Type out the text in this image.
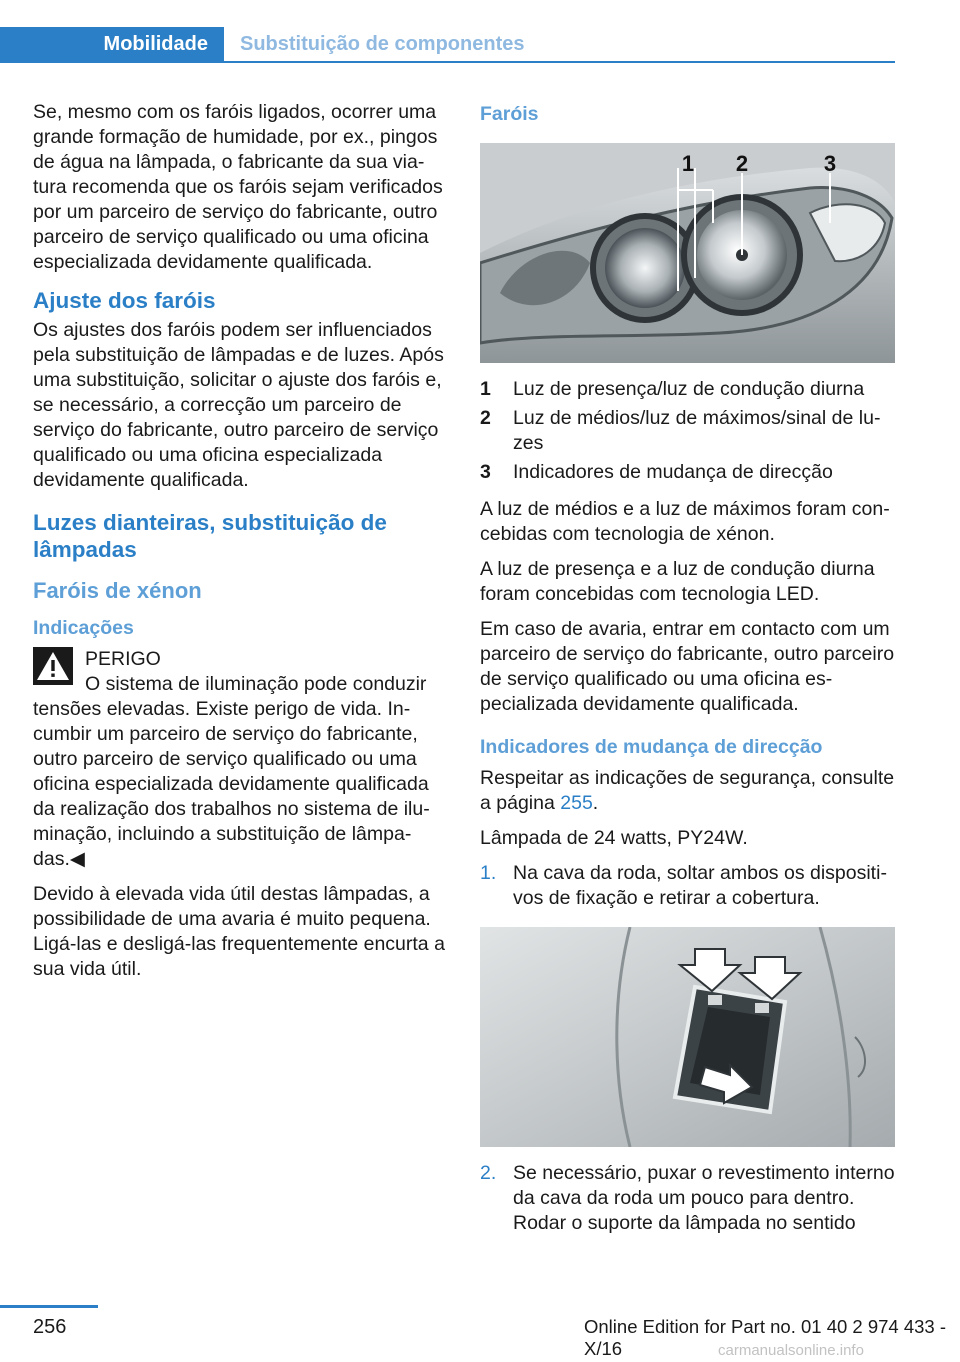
Mobilidade	Substituição de componentes

Se, mesmo com os faróis ligados, ocorrer uma grande formação de humidade, por ex., pingos de água na lâmpada, o fabricante da sua viatura recomenda que os faróis sejam verificados por um parceiro de serviço do fabricante, outro parceiro de serviço qualificado ou uma oficina especializada devidamente qualificada.

Ajuste dos faróis

Os ajustes dos faróis podem ser influenciados pela substituição de lâmpadas e de luzes. Após uma substituição, solicitar o ajuste dos faróis e, se necessário, a correcção um parceiro de serviço do fabricante, outro parceiro de serviço qualificado ou uma oficina especializada devidamente qualificada.

Luzes dianteiras, substituição de lâmpadas
Faróis de xénon
Indicações

PERIGO

O sistema de iluminação pode conduzir tensões elevadas. Existe perigo de vida. Incumbir um parceiro de serviço do fabricante, outro parceiro de serviço qualificado ou uma oficina especializada devidamente qualificada da realização dos trabalhos no sistema de iluminação, incluindo a substituição de lâmpadas.◀

Devido à elevada vida útil destas lâmpadas, a possibilidade de uma avaria é muito pequena. Ligá-las e desligá-las frequentemente encurta a sua vida útil.

Faróis
1 2	3
1 Luz de presença/luz de condução diurna
2 Luz de médios/luz de máximos/sinal de luzes
3 Indicadores de mudança de direcção

A luz de médios e a luz de máximos foram concebidas com tecnologia de xénon.

A luz de presença e a luz de condução diurna foram concebidas com tecnologia LED.

Em caso de avaria, entrar em contacto com um parceiro de serviço do fabricante, outro parceiro de serviço qualificado ou uma oficina especializada devidamente qualificada.

Indicadores de mudança de direcção

Respeitar as indicações de segurança, consulte a página 255.

Lâmpada de 24 watts, PY24W.

1. Na cava da roda, soltar ambos os dispositivos de fixação e retirar a cobertura.
2. Se necessário, puxar o revestimento interno da cava da roda um pouco para dentro. Rodar o suporte da lâmpada no sentido
256	Online Edition for Part no. 01 40 2 974 433 - X/16	carmanualsonline.info
